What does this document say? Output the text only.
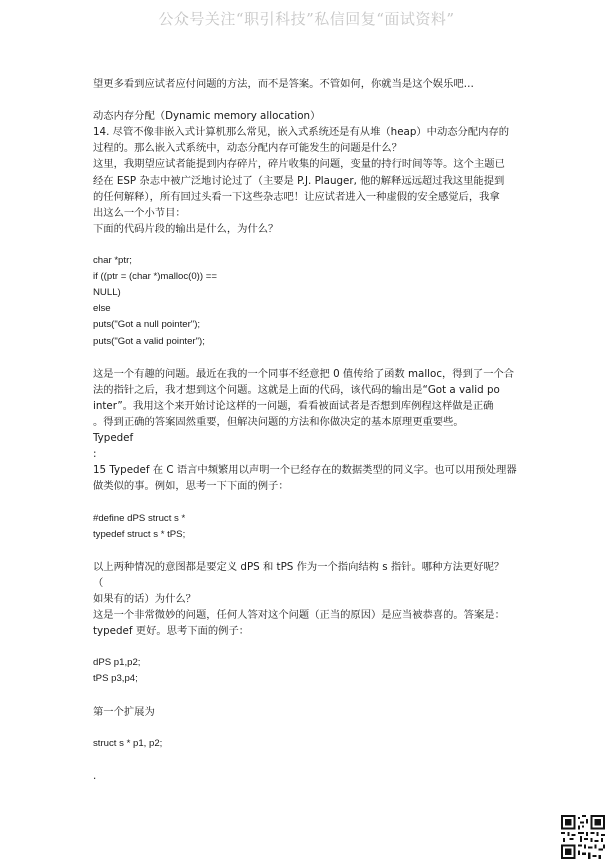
公众号关注“职引科技”私信回复“面试资料”

望更多看到应试者应付问题的方法，而不是答案。不管如何，你就当是这个娱乐吧…

动态内存分配（Dynamic memory allocation）

14. 尽管不像非嵌入式计算机那么常见，嵌入式系统还是有从堆（heap）中动态分配内存的

过程的。那么嵌入式系统中，动态分配内存可能发生的问题是什么？

这里，我期望应试者能提到内存碎片，碎片收集的问题，变量的持行时间等等。这个主题已

经在 ESP 杂志中被广泛地讨论过了（主要是 P.J. Plauger, 他的解释远远超过我这里能提到

的任何解释），所有回过头看一下这些杂志吧！让应试者进入一种虚假的安全感觉后，我拿

出这么一个小节目：

下面的代码片段的输出是什么，为什么？

char *ptr;

if ((ptr = (char *)malloc(0)) ==

NULL)

else

puts("Got a null pointer");

puts("Got a valid pointer");

这是一个有趣的问题。最近在我的一个同事不经意把 0 值传给了函数 malloc，得到了一个合

法的指针之后，我才想到这个问题。这就是上面的代码，该代码的输出是“Got a valid po

inter”。我用这个来开始讨论这样的一问题，看看被面试者是否想到库例程这样做是正确

。得到正确的答案固然重要，但解决问题的方法和你做决定的基本原理更重要些。

Typedef

:

15 Typedef 在 C 语言中频繁用以声明一个已经存在的数据类型的同义字。也可以用预处理器

做类似的事。例如，思考一下下面的例子：

#define dPS struct s *

typedef struct s * tPS;

以上两种情况的意图都是要定义 dPS 和 tPS 作为一个指向结构 s 指针。哪种方法更好呢？

（

如果有的话）为什么？

这是一个非常微妙的问题，任何人答对这个问题（正当的原因）是应当被恭喜的。答案是：

typedef 更好。思考下面的例子：

dPS p1,p2;

tPS p3,p4;

第一个扩展为

struct s * p1, p2;

.
